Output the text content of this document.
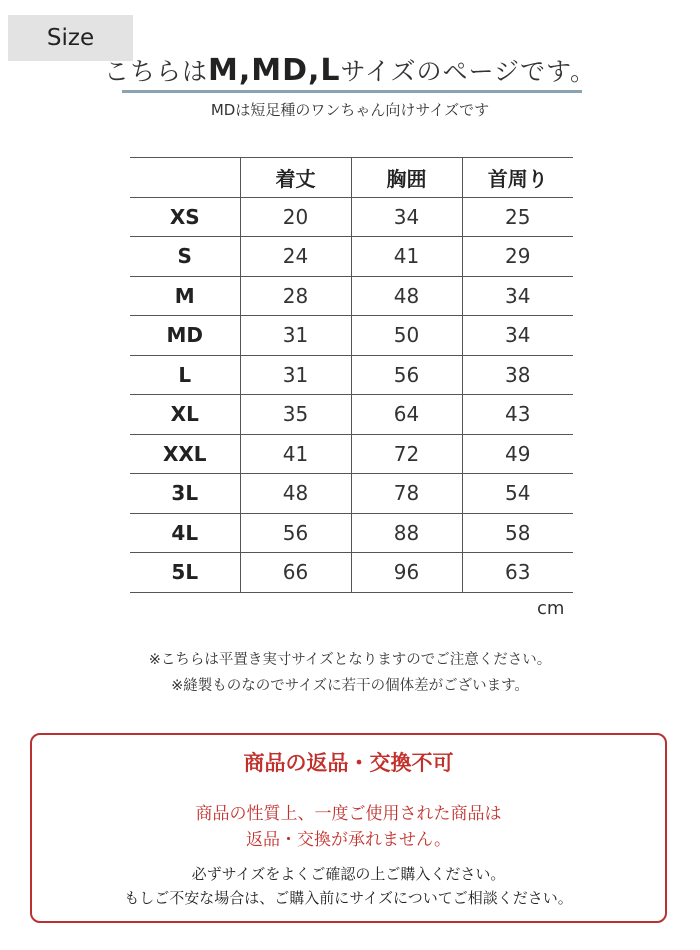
Size
こちらはM,MD,Lサイズのページです。
MDは短足種のワンちゃん向けサイズです
	着丈	胸囲	首周り
XS	20	34	25
S	24	41	29
M	28	48	34
MD	31	50	34
L	31	56	38
XL	35	64	43
XXL	41	72	49
3L	48	78	54
4L	56	88	58
5L	66	96	63
cm
※こちらは平置き実寸サイズとなりますのでご注意ください。
※縫製ものなのでサイズに若干の個体差がございます。
商品の返品・交換不可
商品の性質上、一度ご使用された商品は
返品・交換が承れません。
必ずサイズをよくご確認の上ご購入ください。
もしご不安な場合は、ご購入前にサイズについてご相談ください。
